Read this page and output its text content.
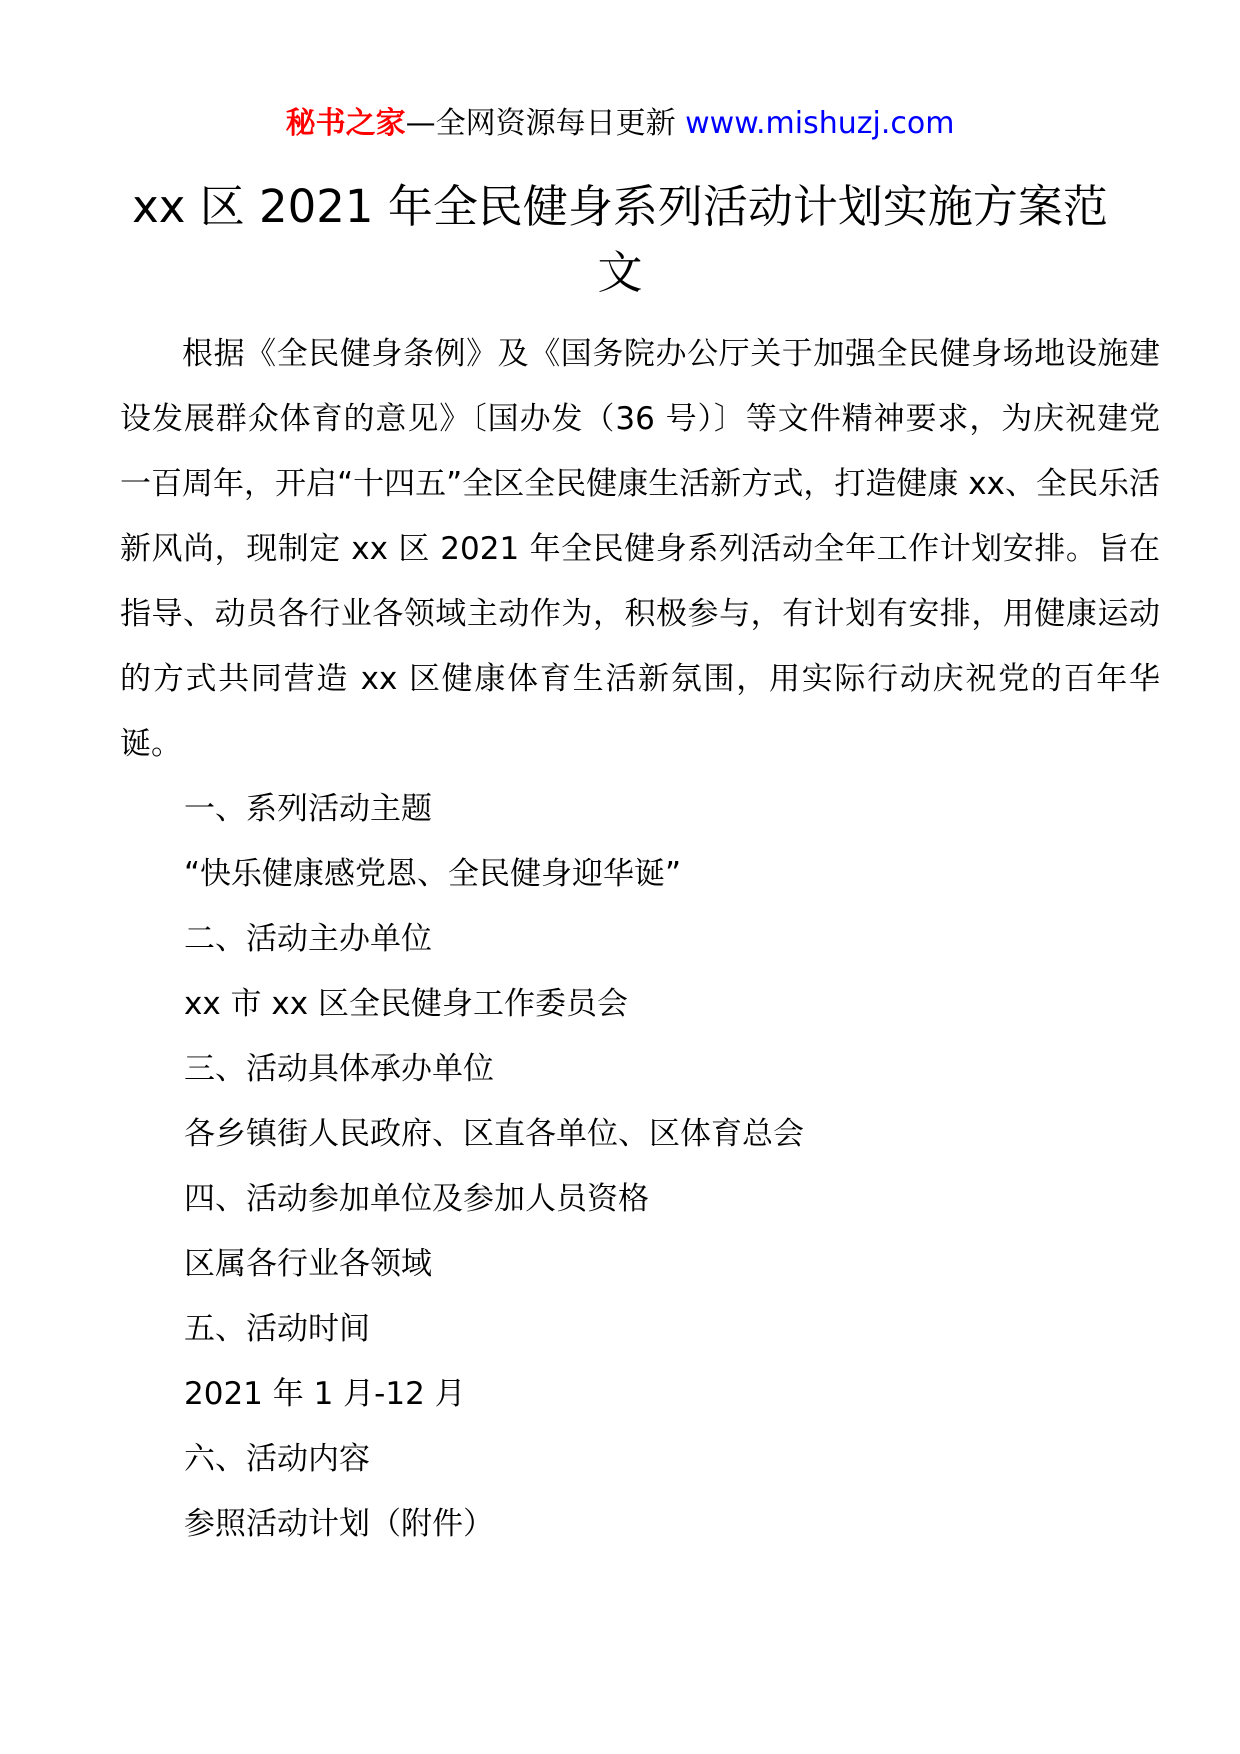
秘书之家—全网资源每日更新 www.mishuzj.com
xx 区 2021 年全民健身系列活动计划实施方案范文

根据《全民健身条例》及《国务院办公厅关于加强全民健身场地设施建设发展群众体育的意见》〔国办发（36 号）〕等文件精神要求，为庆祝建党一百周年，开启“十四五”全区全民健康生活新方式，打造健康 xx、全民乐活新风尚，现制定 xx 区 2021 年全民健身系列活动全年工作计划安排。旨在指导、动员各行业各领域主动作为，积极参与，有计划有安排，用健康运动的方式共同营造 xx 区健康体育生活新氛围，用实际行动庆祝党的百年华诞。

一、系列活动主题

“快乐健康感党恩、全民健身迎华诞”

二、活动主办单位

xx 市 xx 区全民健身工作委员会

三、活动具体承办单位

各乡镇街人民政府、区直各单位、区体育总会

四、活动参加单位及参加人员资格

区属各行业各领域

五、活动时间

2021 年 1 月-12 月

六、活动内容

参照活动计划（附件）
